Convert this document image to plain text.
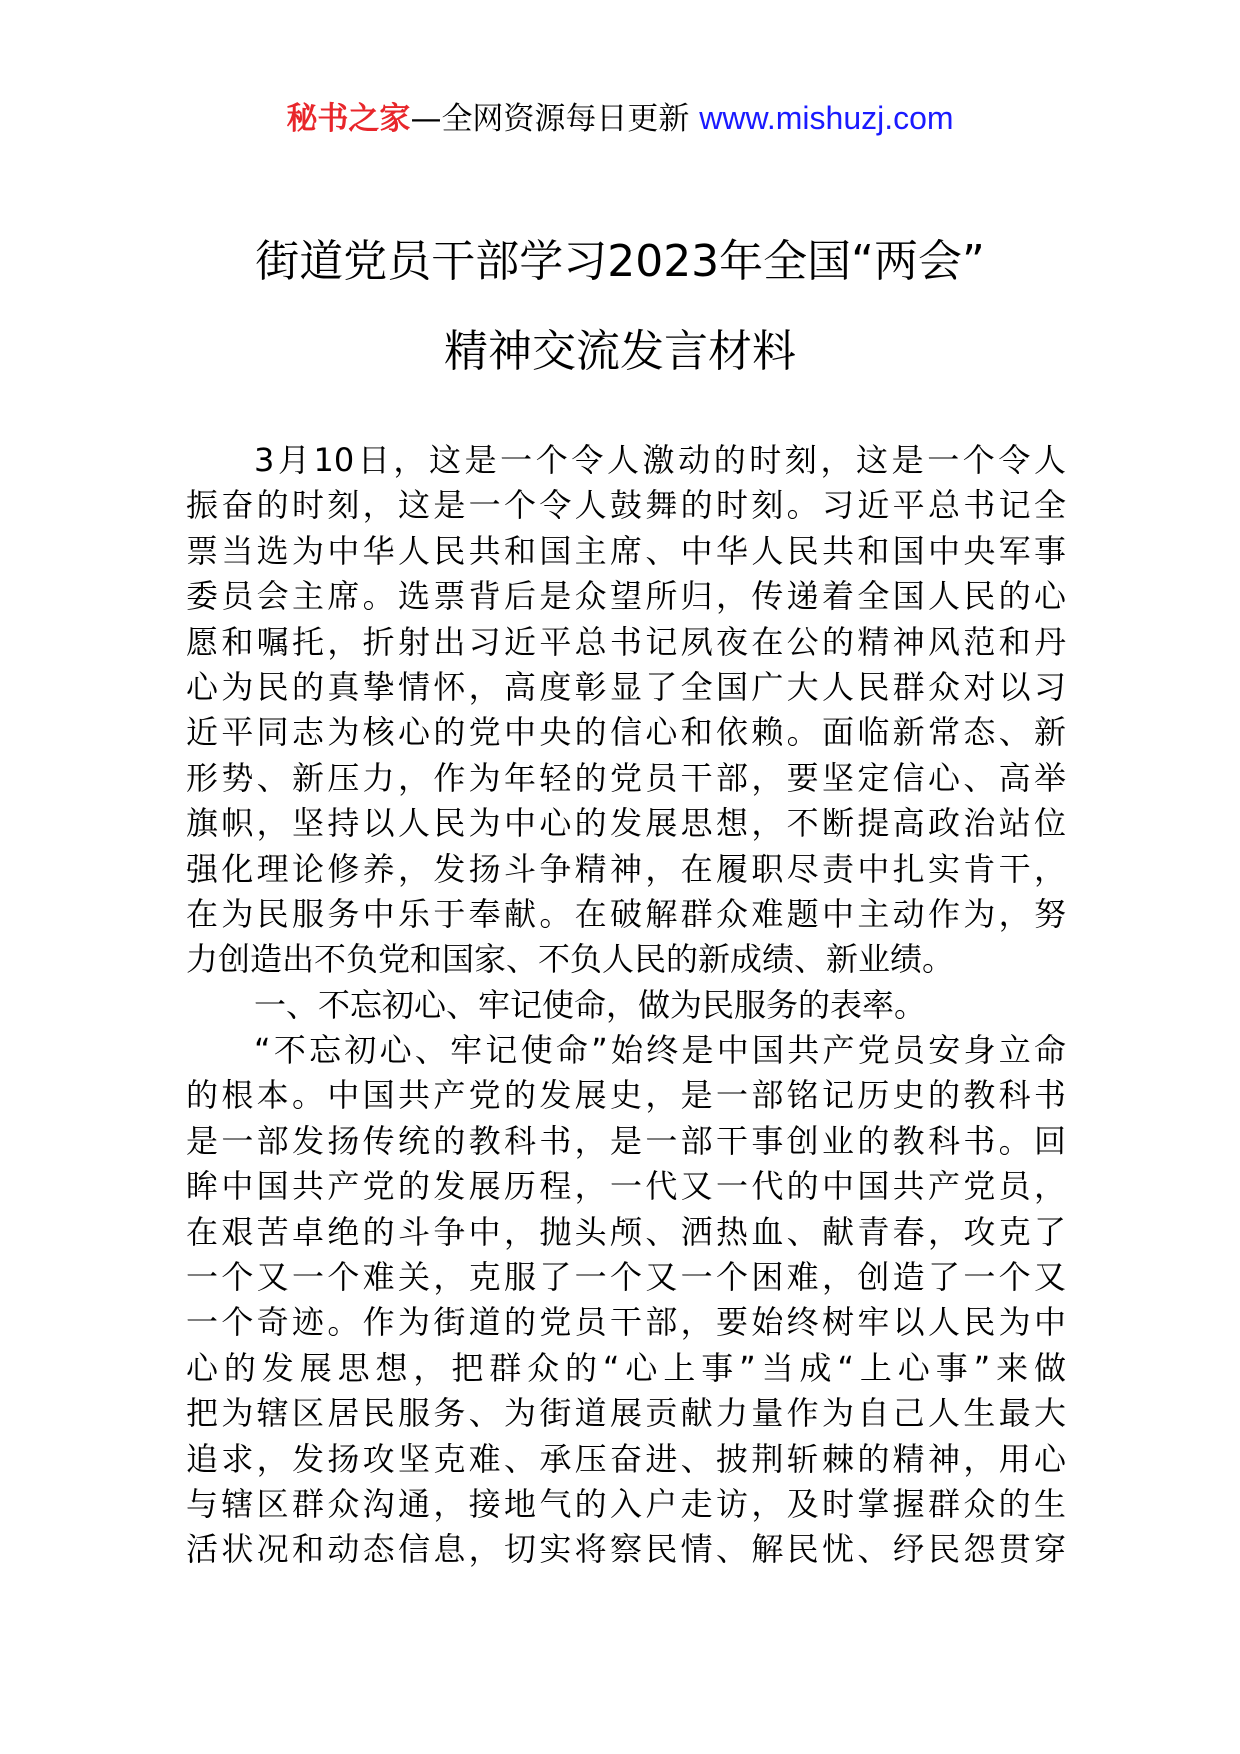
秘书之家—全网资源每日更新 www.mishuzj.com
街道党员干部学习2023年全国“两会”
精神交流发言材料
3月10日，这是一个令人激动的时刻，这是一个令人
振奋的时刻，这是一个令人鼓舞的时刻。习近平总书记全
票当选为中华人民共和国主席、中华人民共和国中央军事
委员会主席。选票背后是众望所归，传递着全国人民的心
愿和嘱托，折射出习近平总书记夙夜在公的精神风范和丹
心为民的真挚情怀，高度彰显了全国广大人民群众对以习
近平同志为核心的党中央的信心和依赖。面临新常态、新
形势、新压力，作为年轻的党员干部，要坚定信心、高举
旗帜，坚持以人民为中心的发展思想，不断提高政治站位
强化理论修养，发扬斗争精神，在履职尽责中扎实肯干，
在为民服务中乐于奉献。在破解群众难题中主动作为，努
力创造出不负党和国家、不负人民的新成绩、新业绩。
一、不忘初心、牢记使命，做为民服务的表率。
“不忘初心、牢记使命”始终是中国共产党员安身立命
的根本。中国共产党的发展史，是一部铭记历史的教科书
是一部发扬传统的教科书，是一部干事创业的教科书。回
眸中国共产党的发展历程，一代又一代的中国共产党员，
在艰苦卓绝的斗争中，抛头颅、洒热血、献青春，攻克了
一个又一个难关，克服了一个又一个困难，创造了一个又
一个奇迹。作为街道的党员干部，要始终树牢以人民为中
心的发展思想，把群众的“心上事”当成“上心事”来做
把为辖区居民服务、为街道展贡献力量作为自己人生最大
追求，发扬攻坚克难、承压奋进、披荆斩棘的精神，用心
与辖区群众沟通，接地气的入户走访，及时掌握群众的生
活状况和动态信息，切实将察民情、解民忧、纾民怨贯穿
